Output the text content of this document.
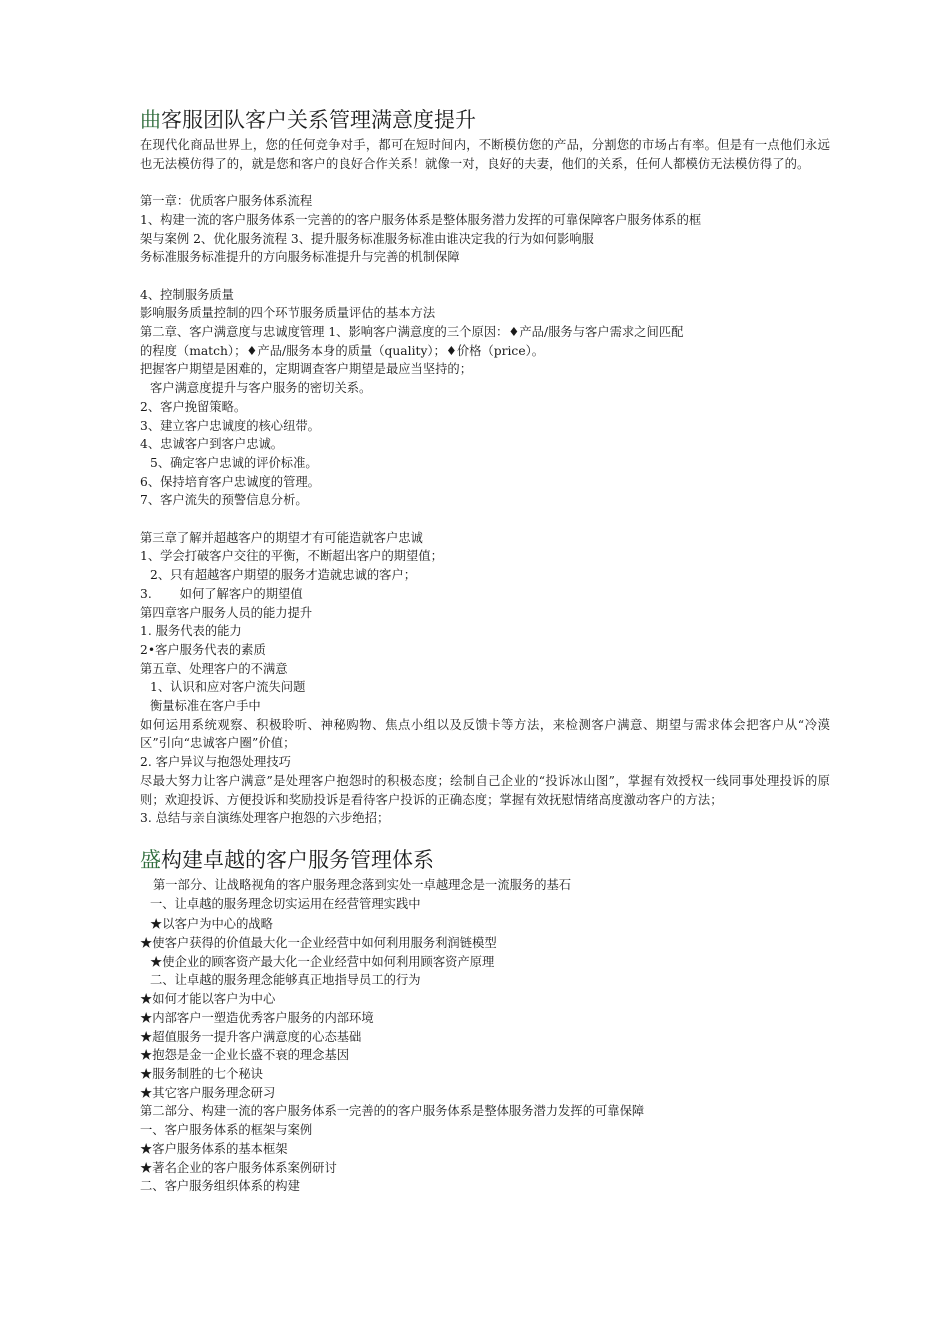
曲客服团队客户关系管理满意度提升

在现代化商品世界上，您的任何竞争对手，都可在短时间内，不断模仿您的产品，分割您的市场占有率。但是有一点他们永远也无法模仿得了的，就是您和客户的良好合作关系！就像一对，良好的夫妻，他们的关系，任何人都模仿无法模仿得了的。

第一章：优质客户服务体系流程

1、构建一流的客户服务体系一完善的的客户服务体系是整体服务潜力发挥的可靠保障客户服务体系的框

架与案例 2、优化服务流程 3、提升服务标准服务标准由谁决定我的行为如何影响服

务标准服务标准提升的方向服务标准提升与完善的机制保障

4、控制服务质量

影响服务质量控制的四个环节服务质量评估的基本方法

第二章、客户满意度与忠诚度管理 1、影响客户满意度的三个原因：♦产品/服务与客户需求之间匹配

的程度（match）；♦产品/服务本身的质量（quality）；♦价格（price）。

把握客户期望是困难的，定期调查客户期望是最应当坚持的；

客户满意度提升与客户服务的密切关系。

2、客户挽留策略。

3、建立客户忠诚度的核心纽带。

4、忠诚客户到客户忠诚。

5、确定客户忠诚的评价标准。

6、保持培育客户忠诚度的管理。

7、客户流失的预警信息分析。

第三章了解并超越客户的期望才有可能造就客户忠诚

1、学会打破客户交往的平衡，不断超出客户的期望值；

2、只有超越客户期望的服务才造就忠诚的客户；

3. 如何了解客户的期望值

第四章客户服务人员的能力提升

1. 服务代表的能力

2•客户服务代表的素质

第五章、处理客户的不满意

1、认识和应对客户流失问题

衡量标准在客户手中

如何运用系统观察、积极聆听、神秘购物、焦点小组以及反馈卡等方法，来检测客户满意、期望与需求体会把客户从“冷漠区”引向“忠诚客户圈”价值；

2. 客户异议与抱怨处理技巧

尽最大努力让客户满意”是处理客户抱怨时的积极态度；绘制自己企业的“投诉冰山图”，掌握有效授权一线同事处理投诉的原则；欢迎投诉、方便投诉和奖励投诉是看待客户投诉的正确态度；掌握有效抚慰情绪高度激动客户的方法；

3. 总结与亲自演练处理客户抱怨的六步绝招；

盛构建卓越的客户服务管理体系

第一部分、让战略视角的客户服务理念落到实处一卓越理念是一流服务的基石

一、让卓越的服务理念切实运用在经营管理实践中

★以客户为中心的战略

★使客户获得的价值最大化一企业经营中如何利用服务利润链模型

★使企业的顾客资产最大化一企业经营中如何利用顾客资产原理

二、让卓越的服务理念能够真正地指导员工的行为

★如何才能以客户为中心

★内部客户一塑造优秀客户服务的内部环境

★超值服务一提升客户满意度的心态基础

★抱怨是金一企业长盛不衰的理念基因

★服务制胜的七个秘诀

★其它客户服务理念研习

第二部分、构建一流的客户服务体系一完善的的客户服务体系是整体服务潜力发挥的可靠保障

一、客户服务体系的框架与案例

★客户服务体系的基本框架

★著名企业的客户服务体系案例研讨

二、客户服务组织体系的构建
